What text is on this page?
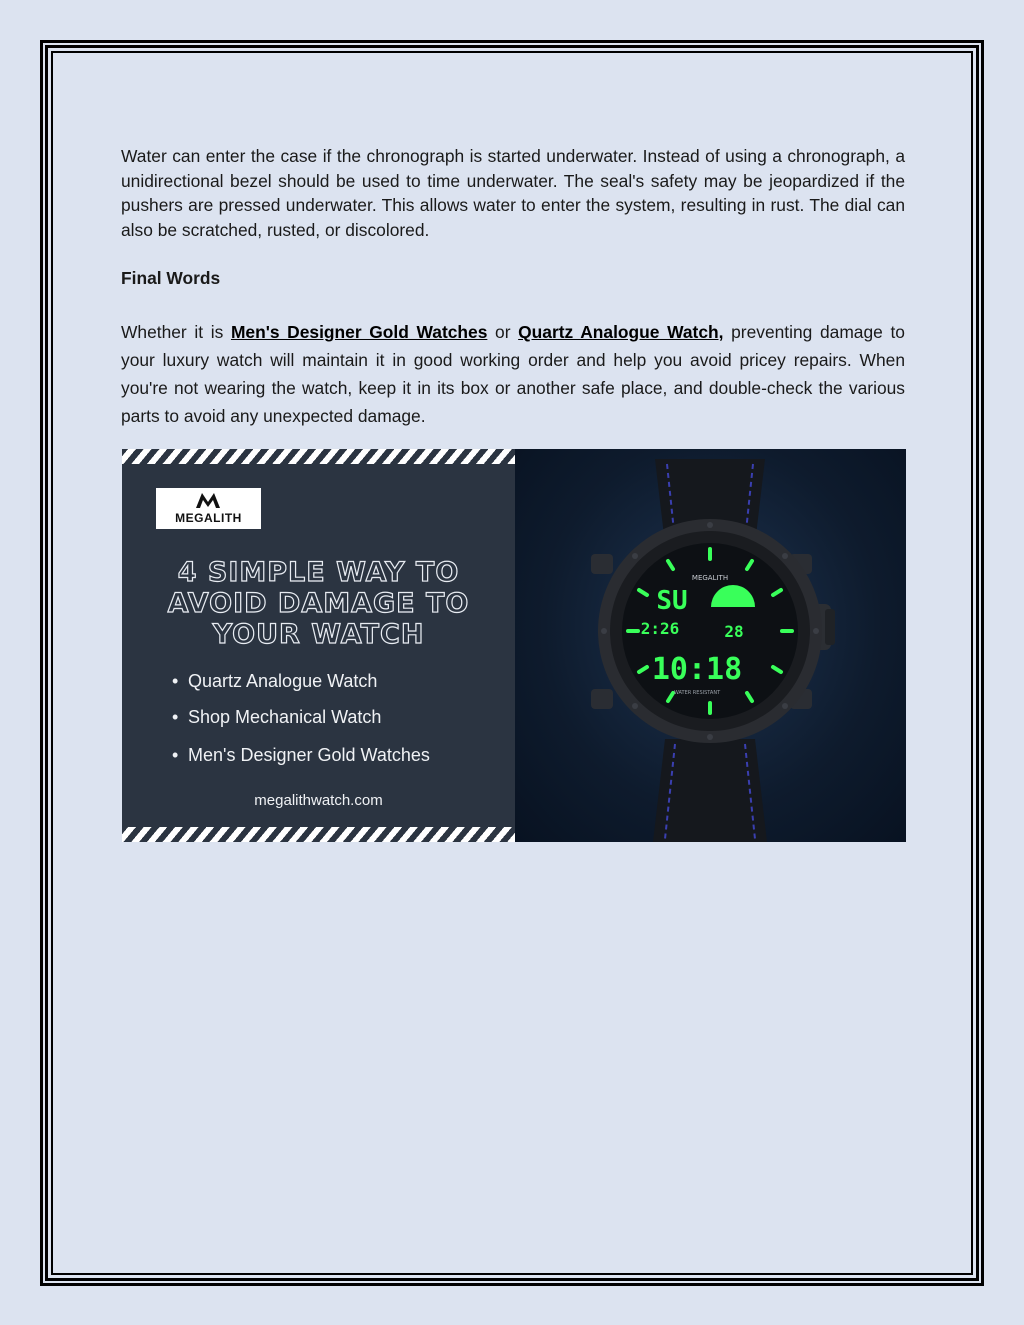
Water can enter the case if the chronograph is started underwater. Instead of using a chronograph, a unidirectional bezel should be used to time underwater. The seal's safety may be jeopardized if the pushers are pressed underwater. This allows water to enter the system, resulting in rust. The dial can also be scratched, rusted, or discolored.

Final Words

Whether it is Men's Designer Gold Watches or Quartz Analogue Watch, preventing damage to your luxury watch will maintain it in good working order and help you avoid pricey repairs. When you're not wearing the watch, keep it in its box or another safe place, and double-check the various parts to avoid any unexpected damage.

MEGALITH
4 SIMPLE WAY TO
AVOID DAMAGE TO
YOUR WATCH
• Quartz Analogue Watch
• Shop Mechanical Watch
• Men's Designer Gold Watches
megalithwatch.com
MEGALITH
SU
2:26	28
10:18
WATER RESISTANT
